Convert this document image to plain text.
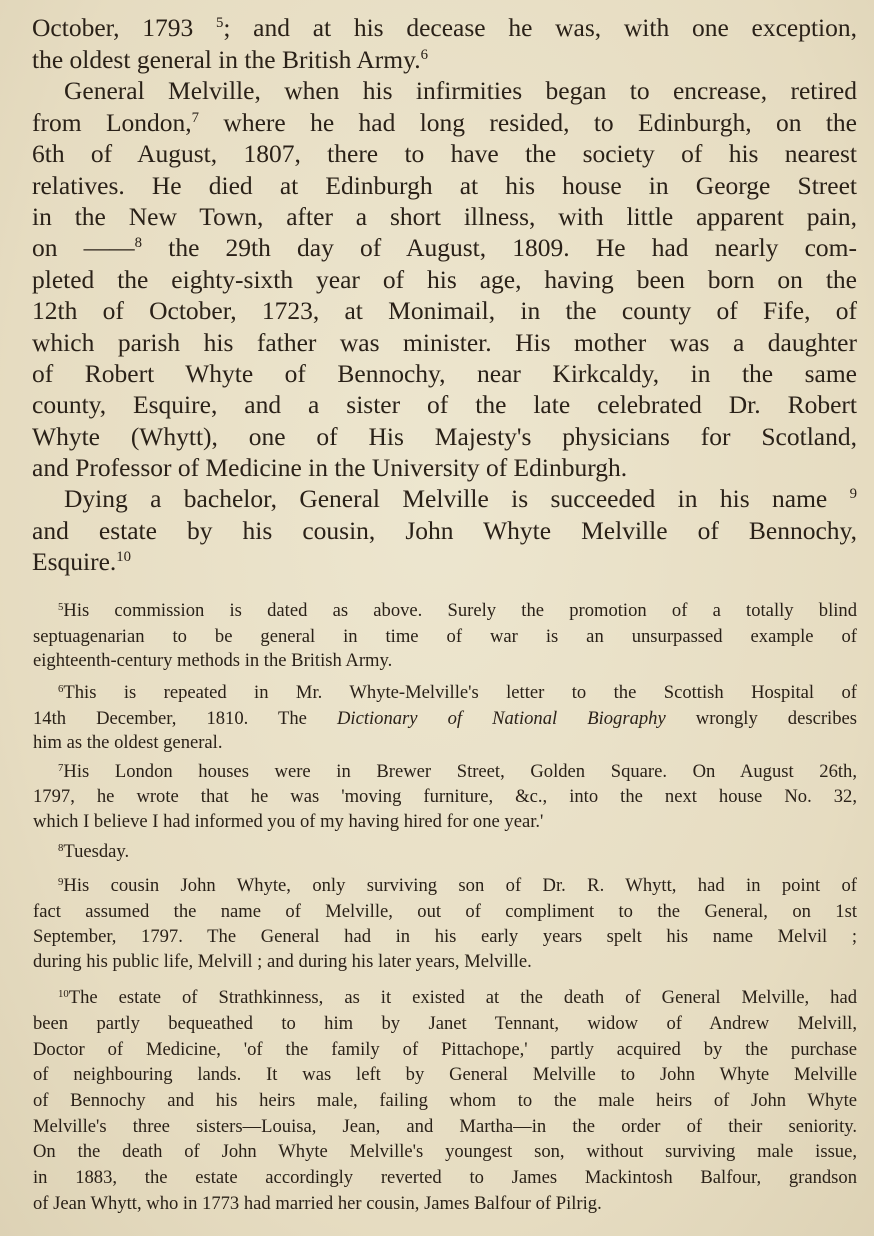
October, 1793 $^5$; and at his decease he was, with one exception,
the oldest general in the British Army.$^6$
General Melville, when his infirmities began to encrease, retired
from London,$^7$ where he had long resided, to Edinburgh, on the
6th of August, 1807, there to have the society of his nearest
relatives. He died at Edinburgh at his house in George Street
in the New Town, after a short illness, with little apparent pain,
on ——$^8$ the 29th day of August, 1809. He had nearly com-
pleted the eighty-sixth year of his age, having been born on the
12th of October, 1723, at Monimail, in the county of Fife, of
which parish his father was minister. His mother was a daughter
of Robert Whyte of Bennochy, near Kirkcaldy, in the same
county, Esquire, and a sister of the late celebrated Dr. Robert
Whyte (Whytt), one of His Majesty's physicians for Scotland,
and Professor of Medicine in the University of Edinburgh.
Dying a bachelor, General Melville is succeeded in his name $^9$
and estate by his cousin, John Whyte Melville of Bennochy,
Esquire.$^{10}$
$^5$His commission is dated as above. Surely the promotion of a totally blind
septuagenarian to be general in time of war is an unsurpassed example of
eighteenth-century methods in the British Army.
$^6$This is repeated in Mr. Whyte-Melville's letter to the Scottish Hospital of
14th December, 1810. The Dictionary of National Biography wrongly describes
him as the oldest general.
$^7$His London houses were in Brewer Street, Golden Square. On August 26th,
1797, he wrote that he was 'moving furniture, &c., into the next house No. 32,
which I believe I had informed you of my having hired for one year.'
$^8$Tuesday.
$^9$His cousin John Whyte, only surviving son of Dr. R. Whytt, had in point of
fact assumed the name of Melville, out of compliment to the General, on 1st
September, 1797. The General had in his early years spelt his name Melvil ;
during his public life, Melvill ; and during his later years, Melville.
$^{10}$The estate of Strathkinness, as it existed at the death of General Melville, had
been partly bequeathed to him by Janet Tennant, widow of Andrew Melvill,
Doctor of Medicine, 'of the family of Pittachope,' partly acquired by the purchase
of neighbouring lands. It was left by General Melville to John Whyte Melville
of Bennochy and his heirs male, failing whom to the male heirs of John Whyte
Melville's three sisters—Louisa, Jean, and Martha—in the order of their seniority.
On the death of John Whyte Melville's youngest son, without surviving male issue,
in 1883, the estate accordingly reverted to James Mackintosh Balfour, grandson
of Jean Whytt, who in 1773 had married her cousin, James Balfour of Pilrig.
